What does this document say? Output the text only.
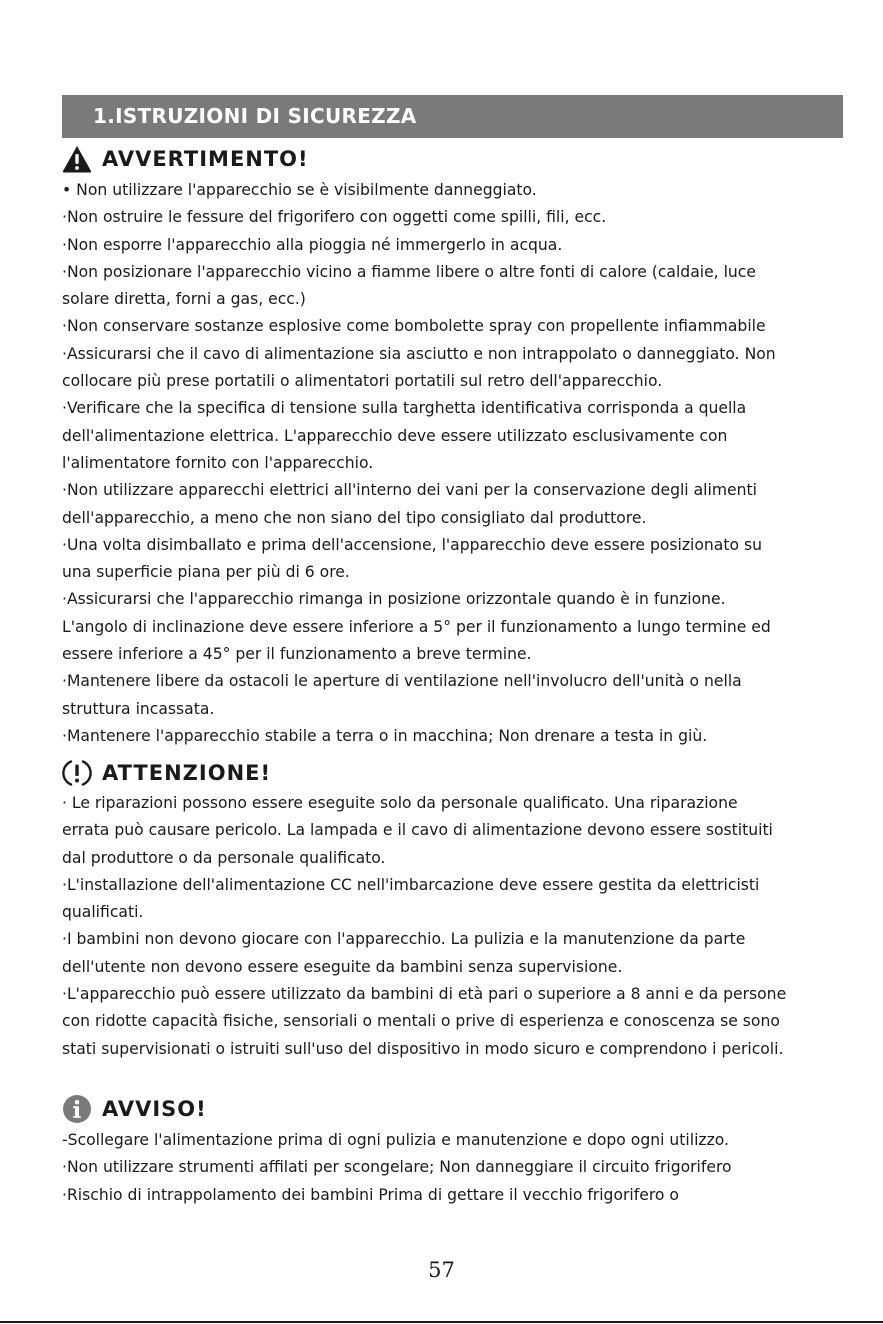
1.ISTRUZIONI DI SICUREZZA
AVVERTIMENTO!
• Non utilizzare l'apparecchio se è visibilmente danneggiato.
·Non ostruire le fessure del frigorifero con oggetti come spilli, fili, ecc.
·Non esporre l'apparecchio alla pioggia né immergerlo in acqua.
·Non posizionare l'apparecchio vicino a fiamme libere o altre fonti di calore (caldaie, luce
solare diretta, forni a gas, ecc.)
·Non conservare sostanze esplosive come bombolette spray con propellente infiammabile
·Assicurarsi che il cavo di alimentazione sia asciutto e non intrappolato o danneggiato. Non
collocare più prese portatili o alimentatori portatili sul retro dell'apparecchio.
·Verificare che la specifica di tensione sulla targhetta identificativa corrisponda a quella
dell'alimentazione elettrica. L'apparecchio deve essere utilizzato esclusivamente con
l'alimentatore fornito con l'apparecchio.
·Non utilizzare apparecchi elettrici all'interno dei vani per la conservazione degli alimenti
dell'apparecchio, a meno che non siano del tipo consigliato dal produttore.
·Una volta disimballato e prima dell'accensione, l'apparecchio deve essere posizionato su
una superficie piana per più di 6 ore.
·Assicurarsi che l'apparecchio rimanga in posizione orizzontale quando è in funzione.
L'angolo di inclinazione deve essere inferiore a 5° per il funzionamento a lungo termine ed
essere inferiore a 45° per il funzionamento a breve termine.
·Mantenere libere da ostacoli le aperture di ventilazione nell'involucro dell'unità o nella
struttura incassata.
·Mantenere l'apparecchio stabile a terra o in macchina; Non drenare a testa in giù.
ATTENZIONE!
· Le riparazioni possono essere eseguite solo da personale qualificato. Una riparazione
errata può causare pericolo. La lampada e il cavo di alimentazione devono essere sostituiti
dal produttore o da personale qualificato.
·L'installazione dell'alimentazione CC nell'imbarcazione deve essere gestita da elettricisti
qualificati.
·I bambini non devono giocare con l'apparecchio. La pulizia e la manutenzione da parte
dell'utente non devono essere eseguite da bambini senza supervisione.
·L'apparecchio può essere utilizzato da bambini di età pari o superiore a 8 anni e da persone
con ridotte capacità fisiche, sensoriali o mentali o prive di esperienza e conoscenza se sono
stati supervisionati o istruiti sull'uso del dispositivo in modo sicuro e comprendono i pericoli.
AVVISO!
-Scollegare l'alimentazione prima di ogni pulizia e manutenzione e dopo ogni utilizzo.
·Non utilizzare strumenti affilati per scongelare; Non danneggiare il circuito frigorifero
·Rischio di intrappolamento dei bambini Prima di gettare il vecchio frigorifero o
57
